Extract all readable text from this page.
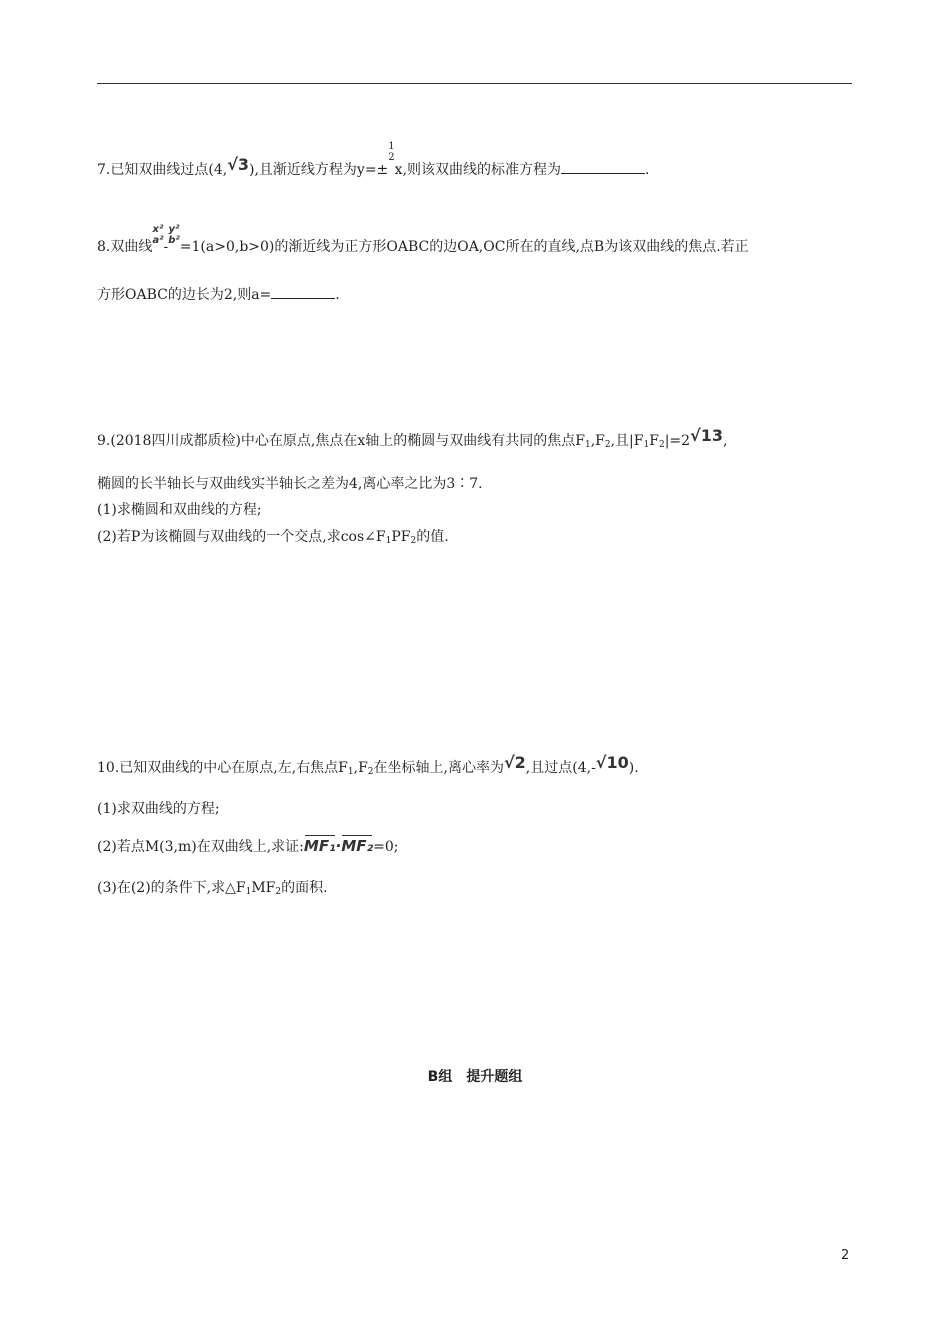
7.已知双曲线过点(4,√3),且渐近线方程为y=±
1
2
x,则该双曲线的标准方程为	.
8.双曲线
x²
a² -
y²
b² =1(a>0,b>0)的渐近线为正方形OABC的边OA,OC所在的直线,点B为该双曲线的焦点.若正
方形OABC的边长为2,则a=	.
9.(2018四川成都质检)中心在原点,焦点在x轴上的椭圆与双曲线有共同的焦点$F_1,F_2$,且$|F_1F_2|=2√13$,
椭圆的长半轴长与双曲线实半轴长之差为4,离心率之比为3∶7.
(1)求椭圆和双曲线的方程;
(2)若P为该椭圆与双曲线的一个交点,求$\cos\angle F_1PF_2$的值.
10.已知双曲线的中心在原点,左,右焦点$F_1,F_2$在坐标轴上,离心率为√2,且过点(4,-√10).
(1)求双曲线的方程;
(2)若点M(3,m)在双曲线上,求证:MF₁·MF₂=0;
(3)在(2)的条件下,求$\triangle F_1MF_2$的面积.
B组　提升题组
2
